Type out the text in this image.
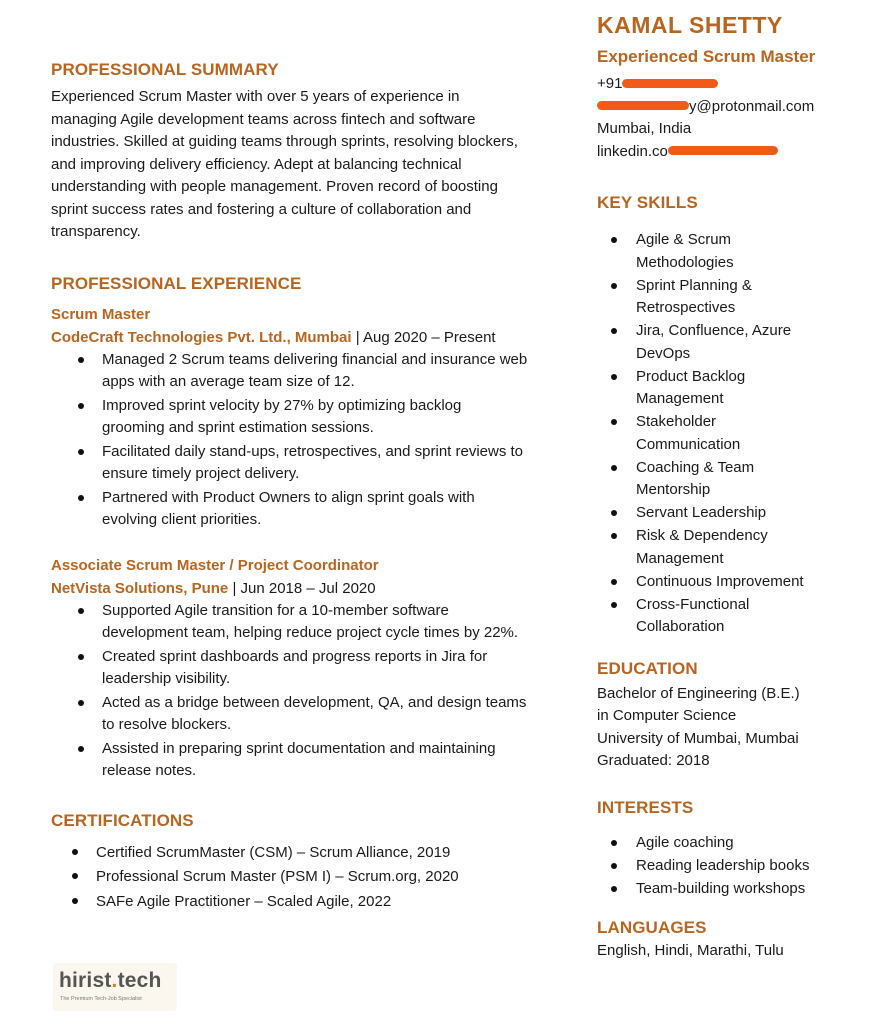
PROFESSIONAL SUMMARY

Experienced Scrum Master with over 5 years of experience in
managing Agile development teams across fintech and software
industries. Skilled at guiding teams through sprints, resolving blockers,
and improving delivery efficiency. Adept at balancing technical
understanding with people management. Proven record of boosting
sprint success rates and fostering a culture of collaboration and
transparency.

PROFESSIONAL EXPERIENCE
Scrum Master
CodeCraft Technologies Pvt. Ltd., Mumbai | Aug 2020 – Present
Managed 2 Scrum teams delivering financial and insurance web
apps with an average team size of 12.
Improved sprint velocity by 27% by optimizing backlog
grooming and sprint estimation sessions.
Facilitated daily stand-ups, retrospectives, and sprint reviews to
ensure timely project delivery.
Partnered with Product Owners to align sprint goals with
evolving client priorities.
Associate Scrum Master / Project Coordinator
NetVista Solutions, Pune | Jun 2018 – Jul 2020
Supported Agile transition for a 10-member software
development team, helping reduce project cycle times by 22%.
Created sprint dashboards and progress reports in Jira for
leadership visibility.
Acted as a bridge between development, QA, and design teams
to resolve blockers.
Assisted in preparing sprint documentation and maintaining
release notes.
CERTIFICATIONS
Certified ScrumMaster (CSM) – Scrum Alliance, 2019
Professional Scrum Master (PSM I) – Scrum.org, 2020
SAFe Agile Practitioner – Scaled Agile, 2022
KAMAL SHETTY
Experienced Scrum Master
+91
y@protonmail.com
Mumbai, India
linkedin.co
KEY SKILLS
Agile & Scrum
Methodologies
Sprint Planning &
Retrospectives
Jira, Confluence, Azure
DevOps
Product Backlog
Management
Stakeholder
Communication
Coaching & Team
Mentorship
Servant Leadership
Risk & Dependency
Management
Continuous Improvement
Cross-Functional
Collaboration
EDUCATION

Bachelor of Engineering (B.E.)
in Computer Science
University of Mumbai, Mumbai
Graduated: 2018

INTERESTS
Agile coaching
Reading leadership books
Team-building workshops
LANGUAGES

English, Hindi, Marathi, Tulu

hirist.tech
The Premium Tech-Job Specialist
